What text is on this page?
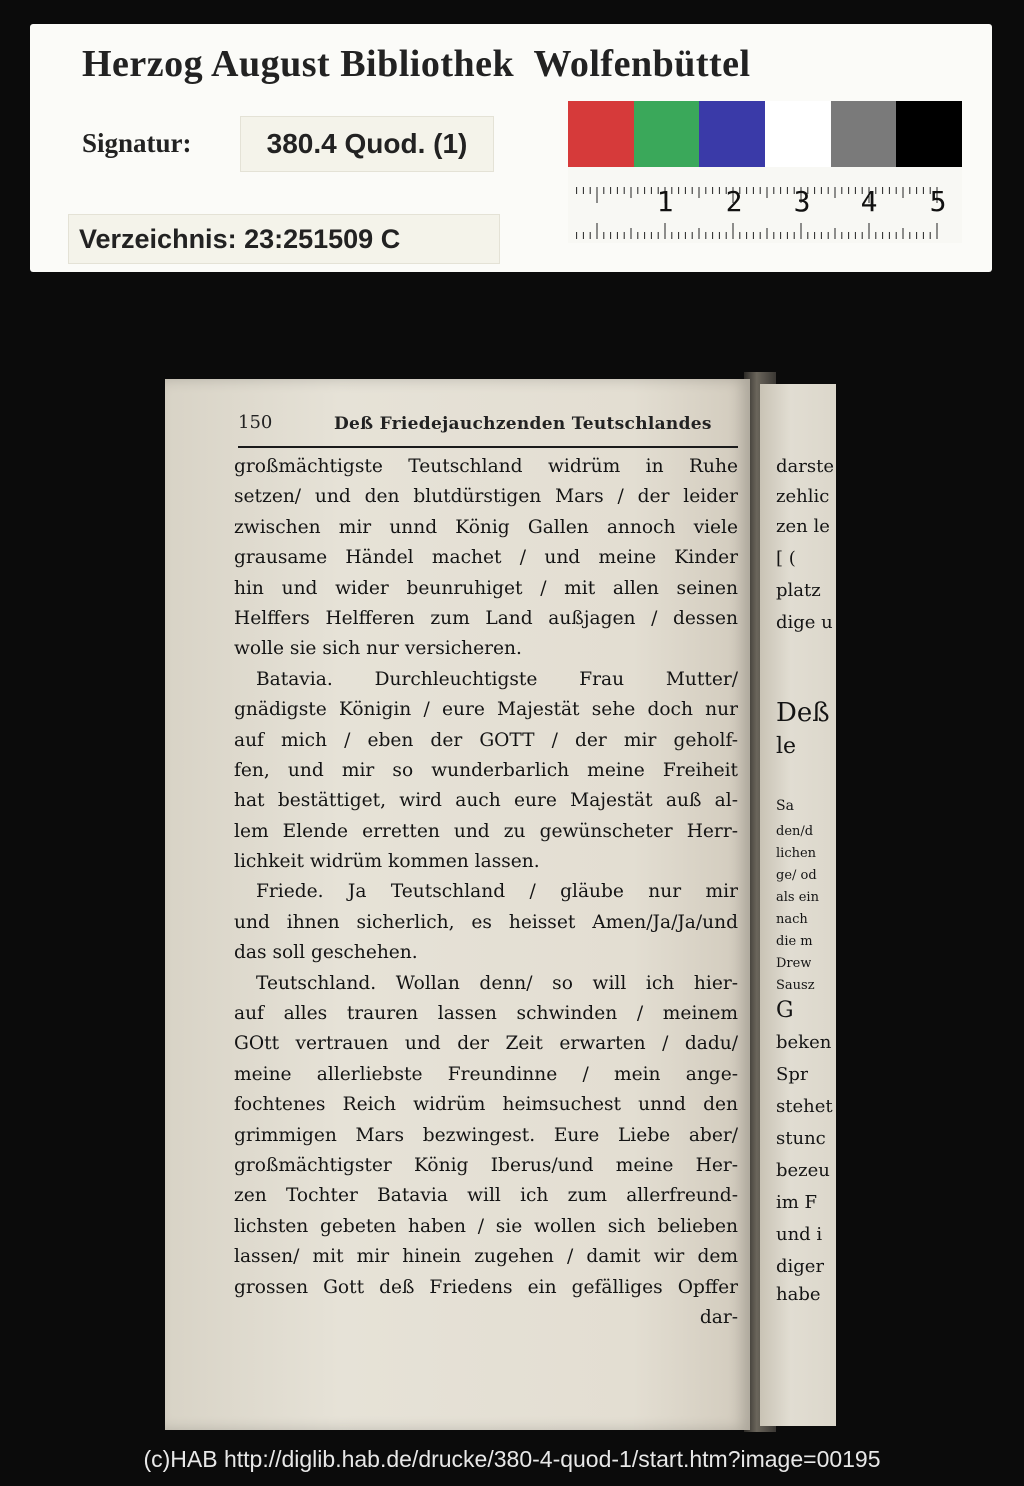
Herzog August Bibliothek  Wolfenbüttel
Signatur:	380.4 Quod. (1)
Verzeichnis: 23:251509 C
1 2 3 4 5
150	Deß Friedejauchzenden Teutschlandes
großmächtigste Teutschland widrüm in Ruhe
setzen/ und den blutdürstigen Mars / der leider
zwischen mir unnd König Gallen annoch viele
grausame Händel machet / und meine Kinder
hin und wider beunruhiget / mit allen seinen
Helffers Helfferen zum Land außjagen / dessen
wolle sie sich nur versicheren.
Batavia. Durchleuchtigste Frau Mutter/
gnädigste Königin / eure Majestät sehe doch nur
auf mich / eben der GOTT / der mir geholf-
fen, und mir so wunderbarlich meine Freiheit
hat bestättiget, wird auch eure Majestät auß al-
lem Elende erretten und zu gewünscheter Herr-
lichkeit widrüm kommen lassen.
Friede. Ja Teutschland / gläube nur mir
und ihnen sicherlich, es heisset Amen/Ja/Ja/und
das soll geschehen.
Teutschland. Wollan denn/ so will ich hier-
auf alles trauren lassen schwinden / meinem
GOtt vertrauen und der Zeit erwarten / dadu/
meine allerliebste Freundinne / mein ange-
fochtenes Reich widrüm heimsuchest unnd den
grimmigen Mars bezwingest. Eure Liebe aber/
großmächtigster König Iberus/und meine Her-
zen Tochter Batavia will ich zum allerfreund-
lichsten gebeten haben / sie wollen sich belieben
lassen/ mit mir hinein zugehen / damit wir dem
grossen Gott deß Friedens ein gefälliges Opffer
dar-
darste
zehlic
zen le
[ (
platz
dige u
Deß
le
Sa
den/d
lichen
ge/ od
als ein
nach
die m
Drew
Sausz
G
beken
Spr
stehet
stunc
bezeu
im F
und i
diger
habe
(c)HAB http://diglib.hab.de/drucke/380-4-quod-1/start.htm?image=00195
